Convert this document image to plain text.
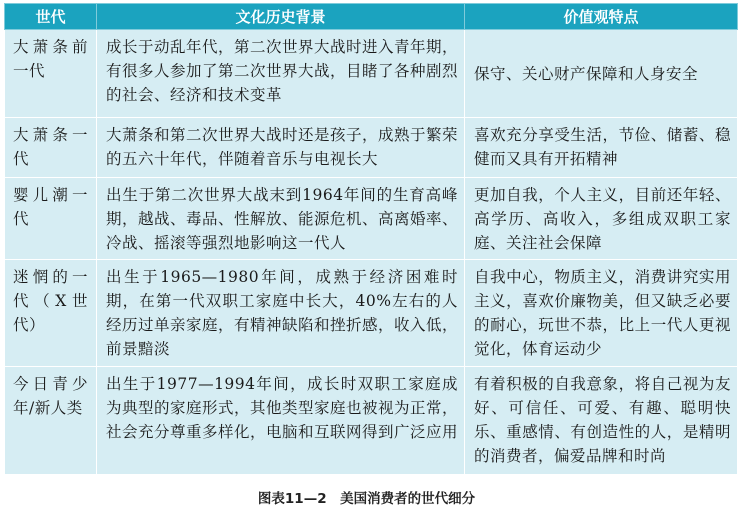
世代	文化历史背景	价值观特点
大萧条前一代	成长于动乱年代，第二次世界大战时进入青年期，有很多人参加了第二次世界大战，目睹了各种剧烈的社会、经济和技术变革	保守、关心财产保障和人身安全
大萧条一代	大萧条和第二次世界大战时还是孩子，成熟于繁荣的五六十年代，伴随着音乐与电视长大	喜欢充分享受生活，节俭、储蓄、稳健而又具有开拓精神
婴儿潮一代	出生于第二次世界大战末到1964年间的生育高峰期，越战、毒品、性解放、能源危机、高离婚率、冷战、摇滚等强烈地影响这一代人	更加自我，个人主义，目前还年轻、高学历、高收入，多组成双职工家庭、关注社会保障
迷惘的一代（X世代）	出生于1965—1980年间，成熟于经济困难时期，在第一代双职工家庭中长大，40%左右的人经历过单亲家庭，有精神缺陷和挫折感，收入低，前景黯淡	自我中心，物质主义，消费讲究实用主义，喜欢价廉物美，但又缺乏必要的耐心，玩世不恭，比上一代人更视觉化，体育运动少
今日青少年/新人类	出生于1977—1994年间，成长时双职工家庭成为典型的家庭形式，其他类型家庭也被视为正常，社会充分尊重多样化，电脑和互联网得到广泛应用	有着积极的自我意象，将自己视为友好、可信任、可爱、有趣、聪明快乐、重感情、有创造性的人，是精明的消费者，偏爱品牌和时尚
图表11—2　美国消费者的世代细分
